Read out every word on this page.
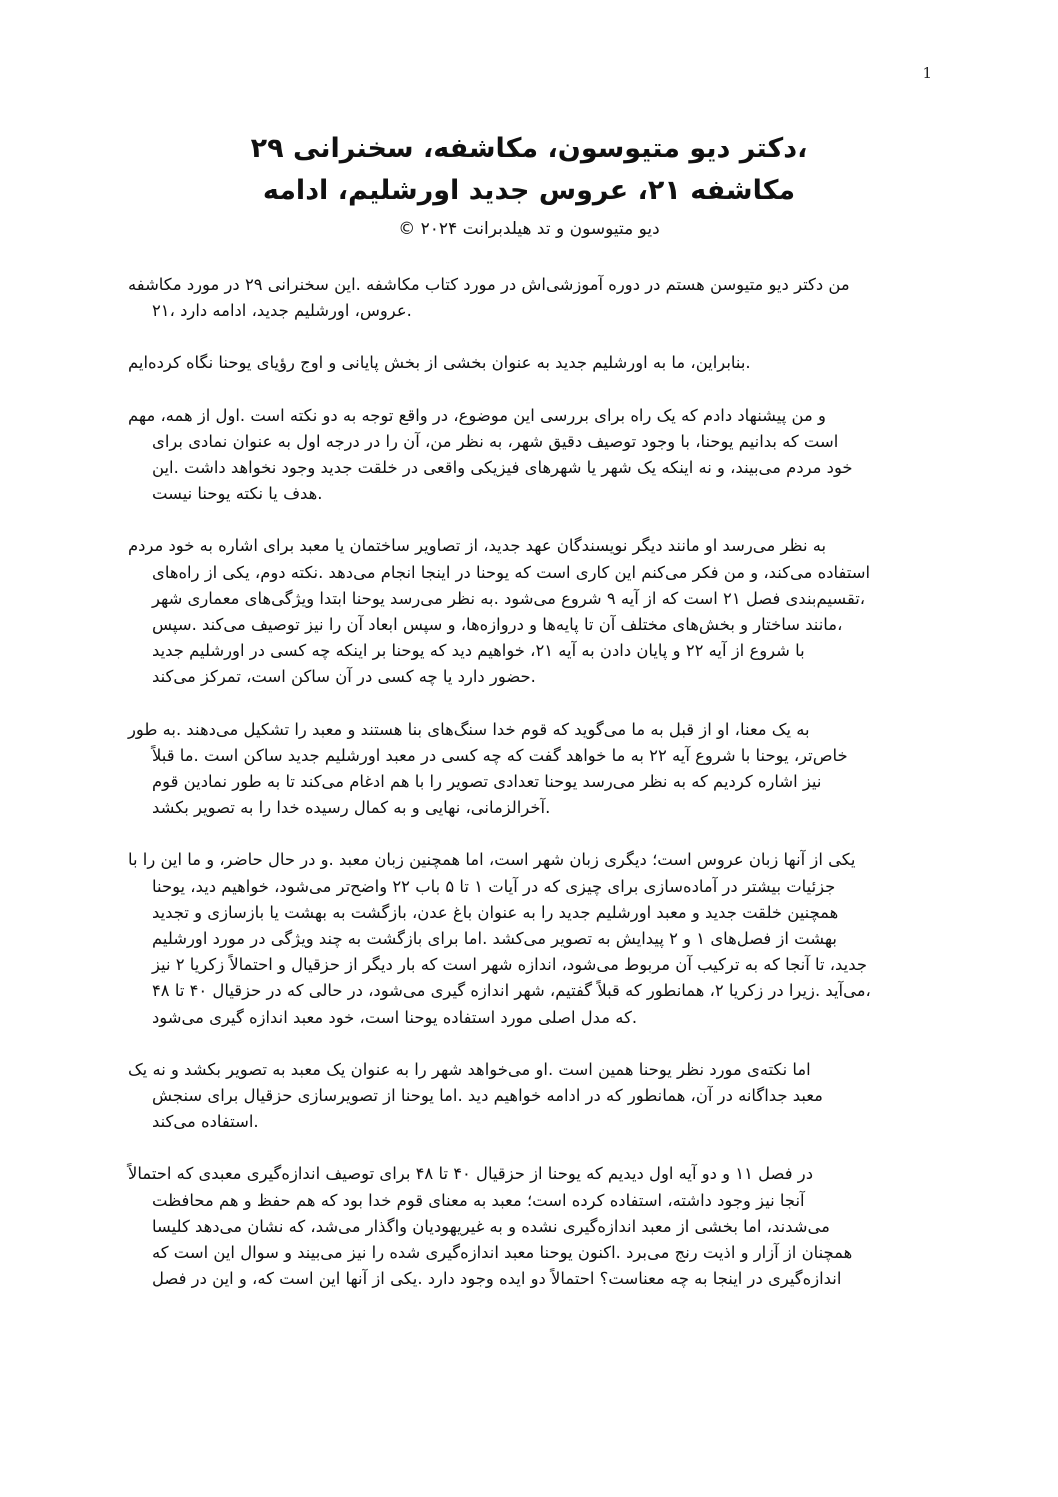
1
،دکتر دیو متیوسون، مکاشفه، سخنرانی ۲۹
مکاشفه ۲۱، عروس جدید اورشلیم، ادامه
دیو متیوسون و تد هیلدبرانت ۲۰۲۴ ©
من دکتر دیو متیوسن هستم در دوره آموزشی‌اش در مورد کتاب مکاشفه .این سخنرانی ۲۹ در مورد مکاشفه
.عروس، اورشلیم جدید، ادامه دارد ،۲۱
.بنابراین، ما به اورشلیم جدید به عنوان بخشی از بخش پایانی و اوج رؤیای یوحنا نگاه کرده‌ایم
و من پیشنهاد دادم که یک راه برای بررسی این موضوع، در واقع توجه به دو نکته است .اول از همه، مهم
است که بدانیم یوحنا، با وجود توصیف دقیق شهر، به نظر من، آن را در درجه اول به عنوان نمادی برای
خود مردم می‌بیند، و نه اینکه یک شهر یا شهرهای فیزیکی واقعی در خلقت جدید وجود نخواهد داشت .این
.هدف یا نکته یوحنا نیست
به نظر می‌رسد او مانند دیگر نویسندگان عهد جدید، از تصاویر ساختمان یا معبد برای اشاره به خود مردم
استفاده می‌کند، و من فکر می‌کنم این کاری است که یوحنا در اینجا انجام می‌دهد .نکته دوم، یکی از راه‌های
،تقسیم‌بندی فصل ۲۱ است که از آیه ۹ شروع می‌شود .به نظر می‌رسد یوحنا ابتدا ویژگی‌های معماری شهر
،مانند ساختار و بخش‌های مختلف آن تا پایه‌ها و دروازه‌ها، و سپس ابعاد آن را نیز توصیف می‌کند .سپس
با شروع از آیه ۲۲ و پایان دادن به آیه ۲۱، خواهیم دید که یوحنا بر اینکه چه کسی در اورشلیم جدید
.حضور دارد یا چه کسی در آن ساکن است، تمرکز می‌کند
به یک معنا، او از قبل به ما می‌گوید که قوم خدا سنگ‌های بنا هستند و معبد را تشکیل می‌دهند .به طور
خاص‌تر، یوحنا با شروع آیه ۲۲ به ما خواهد گفت که چه کسی در معبد اورشلیم جدید ساکن است .ما قبلاً
نیز اشاره کردیم که به نظر می‌رسد یوحنا تعدادی تصویر را با هم ادغام می‌کند تا به طور نمادین قوم
.آخرالزمانی، نهایی و به کمال رسیده خدا را به تصویر بکشد
یکی از آنها زبان عروس است؛ دیگری زبان شهر است، اما همچنین زبان معبد .و در حال حاضر، و ما این را با
جزئیات بیشتر در آماده‌سازی برای چیزی که در آیات ۱ تا ۵ باب ۲۲ واضح‌تر می‌شود، خواهیم دید، یوحنا
همچنین خلقت جدید و معبد اورشلیم جدید را به عنوان باغ عدن، بازگشت به بهشت یا بازسازی و تجدید
بهشت از فصل‌های ۱ و ۲ پیدایش به تصویر می‌کشد .اما برای بازگشت به چند ویژگی در مورد اورشلیم
جدید، تا آنجا که به ترکیب آن مربوط می‌شود، اندازه شهر است که بار دیگر از حزقیال و احتمالاً زکریا ۲ نیز
،می‌آید .زیرا در زکریا ۲، همانطور که قبلاً گفتیم، شهر اندازه گیری می‌شود، در حالی که در حزقیال ۴۰ تا ۴۸
.که مدل اصلی مورد استفاده یوحنا است، خود معبد اندازه گیری می‌شود
اما نکته‌ی مورد نظر یوحنا همین است .او می‌خواهد شهر را به عنوان یک معبد به تصویر بکشد و نه یک
معبد جداگانه در آن، همانطور که در ادامه خواهیم دید .اما یوحنا از تصویرسازی حزقیال برای سنجش
.استفاده می‌کند
در فصل ۱۱ و دو آیه اول دیدیم که یوحنا از حزقیال ۴۰ تا ۴۸ برای توصیف اندازه‌گیری معبدی که احتمالاً
آنجا نیز وجود داشته، استفاده کرده است؛ معبد به معنای قوم خدا بود که هم حفظ و هم محافظت
می‌شدند، اما بخشی از معبد اندازه‌گیری نشده و به غیریهودیان واگذار می‌شد، که نشان می‌دهد کلیسا
همچنان از آزار و اذیت رنج می‌برد .اکنون یوحنا معبد اندازه‌گیری شده را نیز می‌بیند و سوال این است که
اندازه‌گیری در اینجا به چه معناست؟ احتمالاً دو ایده وجود دارد .یکی از آنها این است که، و این در فصل
